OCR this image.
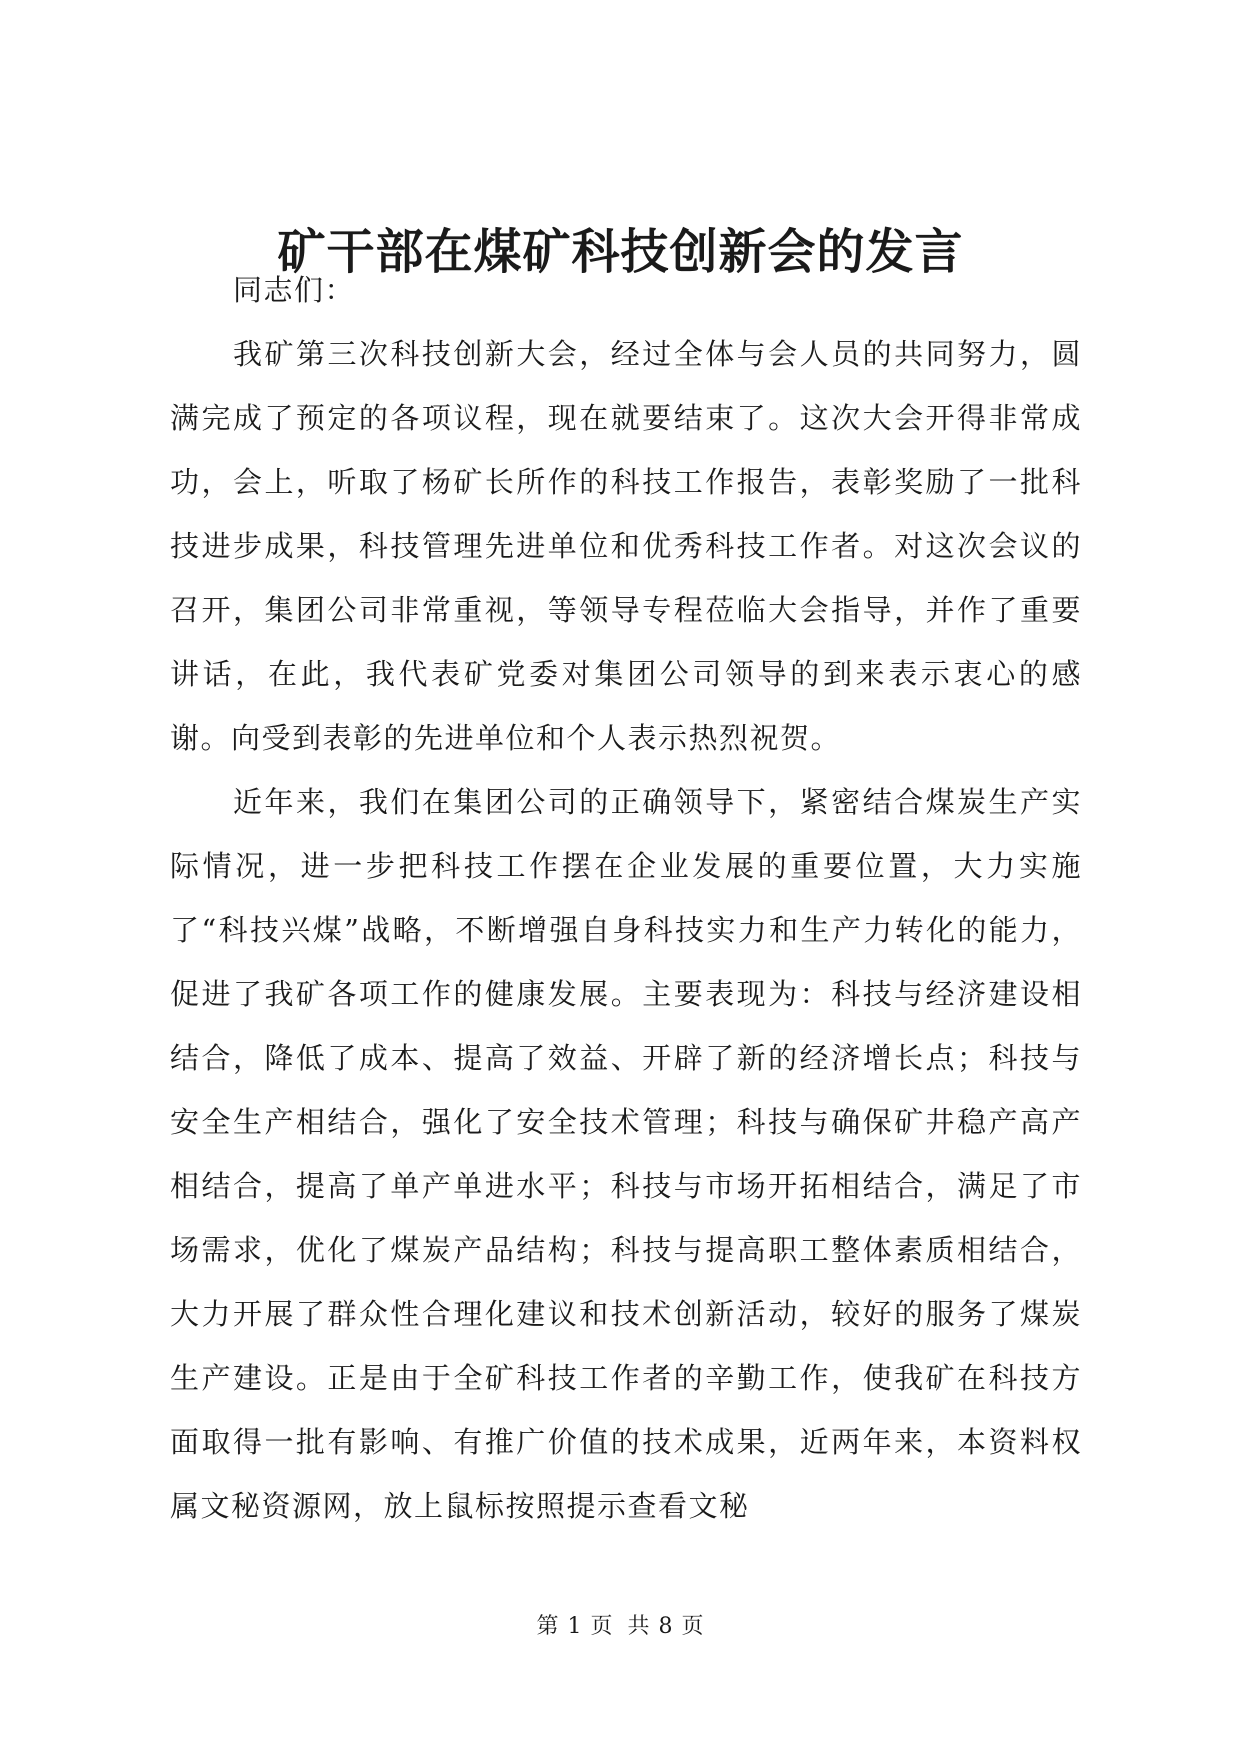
矿干部在煤矿科技创新会的发言

同志们：

我矿第三次科技创新大会，经过全体与会人员的共同努力，圆满完成了预定的各项议程，现在就要结束了。这次大会开得非常成功，会上，听取了杨矿长所作的科技工作报告，表彰奖励了一批科技进步成果，科技管理先进单位和优秀科技工作者。对这次会议的召开，集团公司非常重视，等领导专程莅临大会指导，并作了重要讲话，在此，我代表矿党委对集团公司领导的到来表示衷心的感谢。向受到表彰的先进单位和个人表示热烈祝贺。

近年来，我们在集团公司的正确领导下，紧密结合煤炭生产实际情况，进一步把科技工作摆在企业发展的重要位置，大力实施了“科技兴煤”战略，不断增强自身科技实力和生产力转化的能力，促进了我矿各项工作的健康发展。主要表现为：科技与经济建设相结合，降低了成本、提高了效益、开辟了新的经济增长点；科技与安全生产相结合，强化了安全技术管理；科技与确保矿井稳产高产相结合，提高了单产单进水平；科技与市场开拓相结合，满足了市场需求，优化了煤炭产品结构；科技与提高职工整体素质相结合，大力开展了群众性合理化建议和技术创新活动，较好的服务了煤炭生产建设。正是由于全矿科技工作者的辛勤工作，使我矿在科技方面取得一批有影响、有推广价值的技术成果，近两年来，本资料权属文秘资源网，放上鼠标按照提示查看文秘

第 1 页 共 8 页
